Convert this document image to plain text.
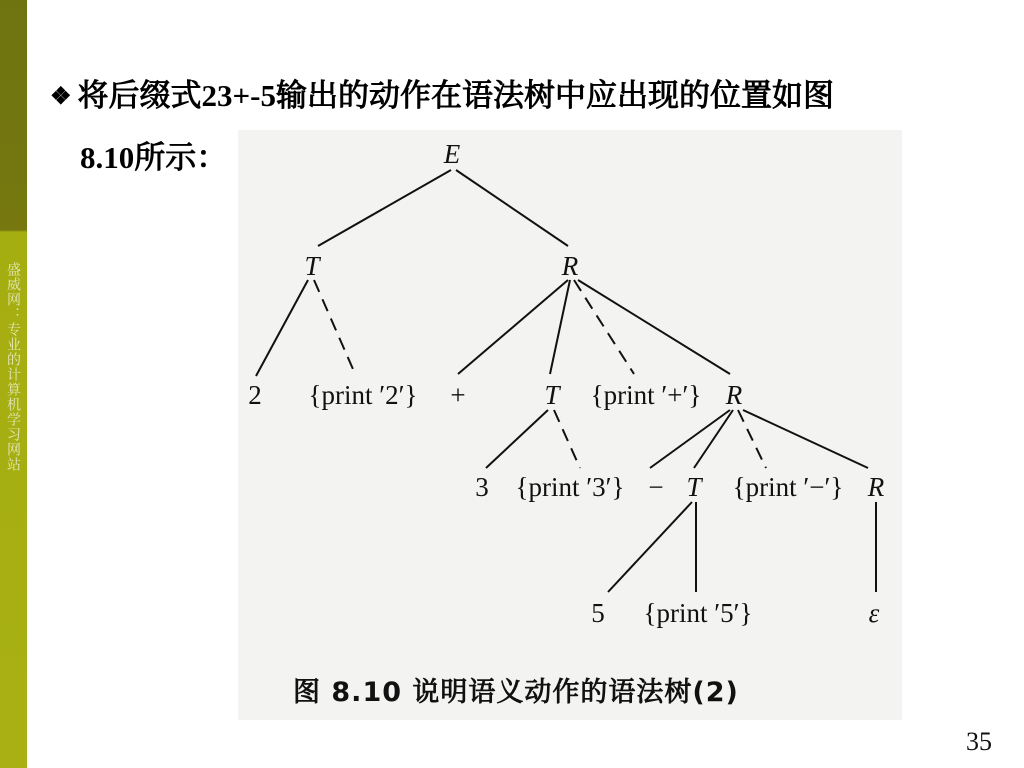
盛威网：专业的计算机学习网站
❖ 将后缀式23+-5输出的动作在语法树中应出现的位置如图
8.10所示：	E
T	R
2 {print ′2′} +	T {print ′+′} R
3 {print ′3′} − T {print ′−′} R
5 {print ′5′}	ε
图 8.10 说明语义动作的语法树(2)
35
